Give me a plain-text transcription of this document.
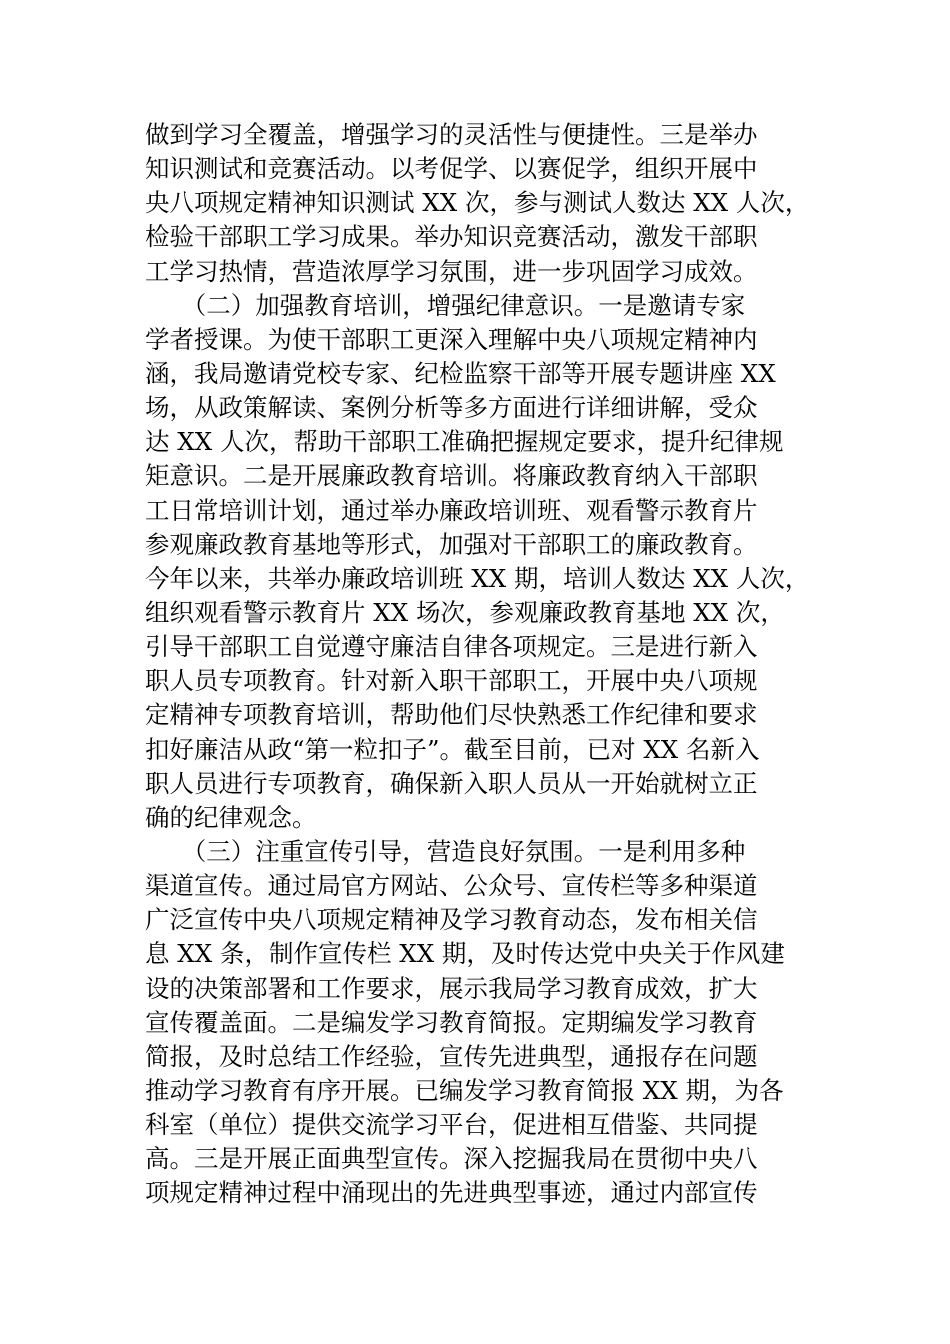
做到学习全覆盖，增强学习的灵活性与便捷性。三是举办
知识测试和竞赛活动。以考促学、以赛促学，组织开展中
央八项规定精神知识测试 XX 次，参与测试人数达 XX 人次，
检验干部职工学习成果。举办知识竞赛活动，激发干部职
工学习热情，营造浓厚学习氛围，进一步巩固学习成效。
　　（二）加强教育培训，增强纪律意识。一是邀请专家
学者授课。为使干部职工更深入理解中央八项规定精神内
涵，我局邀请党校专家、纪检监察干部等开展专题讲座 XX
场，从政策解读、案例分析等多方面进行详细讲解，受众
达 XX 人次，帮助干部职工准确把握规定要求，提升纪律规
矩意识。二是开展廉政教育培训。将廉政教育纳入干部职
工日常培训计划，通过举办廉政培训班、观看警示教育片
参观廉政教育基地等形式，加强对干部职工的廉政教育。
今年以来，共举办廉政培训班 XX 期，培训人数达 XX 人次，
组织观看警示教育片 XX 场次，参观廉政教育基地 XX 次，
引导干部职工自觉遵守廉洁自律各项规定。三是进行新入
职人员专项教育。针对新入职干部职工，开展中央八项规
定精神专项教育培训，帮助他们尽快熟悉工作纪律和要求
扣好廉洁从政“第一粒扣子”。截至目前，已对 XX 名新入
职人员进行专项教育，确保新入职人员从一开始就树立正
确的纪律观念。
　　（三）注重宣传引导，营造良好氛围。一是利用多种
渠道宣传。通过局官方网站、公众号、宣传栏等多种渠道
广泛宣传中央八项规定精神及学习教育动态，发布相关信
息 XX 条，制作宣传栏 XX 期，及时传达党中央关于作风建
设的决策部署和工作要求，展示我局学习教育成效，扩大
宣传覆盖面。二是编发学习教育简报。定期编发学习教育
简报，及时总结工作经验，宣传先进典型，通报存在问题
推动学习教育有序开展。已编发学习教育简报 XX 期，为各
科室（单位）提供交流学习平台，促进相互借鉴、共同提
高。三是开展正面典型宣传。深入挖掘我局在贯彻中央八
项规定精神过程中涌现出的先进典型事迹，通过内部宣传
